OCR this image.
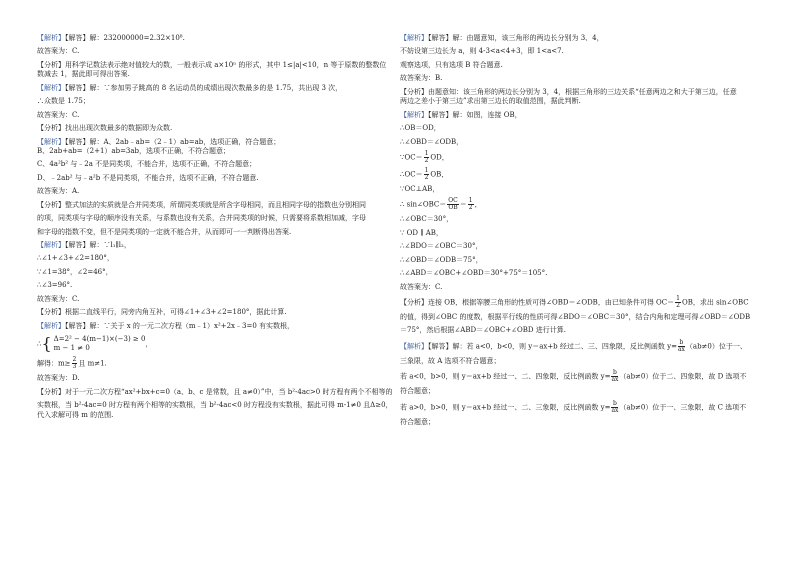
【解析】【解答】解：232000000=2.32×10⁸.
故答案为：C.
【分析】用科学记数法表示绝对值较大的数，一般表示成 a×10ⁿ 的形式，其中 1≤|a|<10，n 等于原数的整数位
数减去 1，据此即可得出答案.
【解析】【解答】解：∵参加男子跳高的 8 名运动员的成绩出现次数最多的是 1.75，共出现 3 次，
∴众数是 1.75；
故答案为：C.
【分析】找出出现次数最多的数据即为众数.
【解析】【解答】解：A、2ab﹣ab=（2﹣1）ab=ab，选项正确，符合题意；
B、2ab+ab=（2+1）ab=3ab，选项不正确，不符合题意；
C、4a²b² 与﹣2a 不是同类项，不能合并，选项不正确，不符合题意；
D、﹣2ab² 与﹣a²b 不是同类项，不能合并，选项不正确，不符合题意.
故答案为：A.
【分析】整式加法的实质就是合并同类项，所谓同类项就是所含字母相同，而且相同字母的指数也分别相同
的项，同类项与字母的顺序没有关系，与系数也没有关系，合并同类项的时候，只需要将系数相加减，字母
和字母的指数不变，但不是同类项的一定就不能合并，从而即可一一判断得出答案.
【解析】【解答】解：∵l₁∥l₂，
∴∠1+∠3+∠2=180°，
∵∠1=38°，∠2=46°，
∴∠3=96°.
故答案为：C.
【分析】根据二直线平行，同旁内角互补，可得∠1+∠3+∠2=180°，据此计算.
【解析】【解答】解：∵关于 x 的一元二次方程（m﹣1）x²+2x﹣3=0 有实数根，
∴{ Δ=2² − 4(m−1)×(−3) ≥ 0
m − 1 ≠ 0	，
解得：$m\ge \frac{2}{3}$ 且 m≠1.
故答案为：D.
【分析】对于一元二次方程“ax²+bx+c=0（a、b、c 是常数，且 a≠0）”中，当 b²-4ac>0 时方程有两个不相等的
实数根，当 b²-4ac=0 时方程有两个相等的实数根，当 b²-4ac<0 时方程没有实数根，据此可得 m-1≠0 且Δ≥0，
代入求解可得 m 的范围.
【解析】【解答】解：由题意知，该三角形的两边长分别为 3、4，
不妨设第三边长为 a，则 4-3<a<4+3，即 1<a<7.
观察选项，只有选项 B 符合题意.
故答案为：B.
【分析】由题意知：该三角形的两边长分别为 3，4，根据三角形的三边关系“任意两边之和大于第三边，任意
两边之差小于第三边”求出第三边长的取值范围，据此判断.
【解析】【解答】解：如图，连接 OB，
∴OB＝OD，
∴∠OBD＝∠ODB，
∵OC＝ $\frac{1}{2}$ OD，
∴OC＝ $\frac{1}{2}$ OB，
∵OC⊥AB，
∴ sin∠OBC＝ $\frac{OC}{OB} = \frac{1}{2}$ ，
∴∠OBC＝30°，
∵ OD ∥ AB，
∴∠BDO＝∠OBC＝30°，
∴∠OBD＝∠ODB＝75°，
∴∠ABD＝∠OBC+∠OBD＝30°+75°＝105°.
故答案为：C.
【分析】连接 OB，根据等腰三角形的性质可得∠OBD＝∠ODB，由已知条件可得 $OC= \frac{1}{2}$ OB，求出 sin∠OBC
的值，得到∠OBC 的度数，根据平行线的性质可得∠BDO＝∠OBC＝30°，结合内角和定理可得∠OBD＝∠ODB
＝75°，然后根据∠ABD＝∠OBC+∠OBD 进行计算.
【解析】【解答】解：若 a<0，b<0，则 y＝ax+b 经过二、三、四象限，反比例函数 $y= \frac{b}{ax} (ab\ne 0)$位于一、
三象限，故 A 选项不符合题意；
若 a<0，b>0，则 y＝ax+b 经过一、二、四象限，反比例函数 $y= \frac{b}{ax} (ab\ne 0)$位于二、四象限，故 D 选项不
符合题意；
若 a>0，b>0，则 y＝ax+b 经过一、二、三象限，反比例函数 $y= \frac{b}{ax} (ab\ne 0)$位于一、三象限，故 C 选项不
符合题意；
